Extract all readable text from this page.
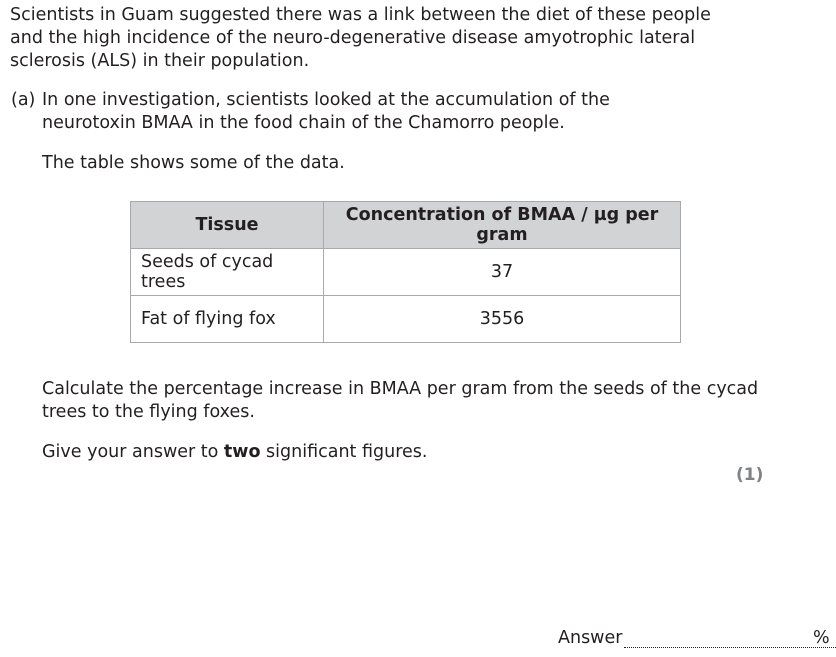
Scientists in Guam suggested there was a link between the diet of these people and the high incidence of the neuro-degenerative disease amyotrophic lateral sclerosis (ALS) in their population.

(a) In one investigation, scientists looked at the accumulation of the neurotoxin BMAA in the food chain of the Chamorro people.

The table shows some of the data.

Tissue	Concentration of BMAA / µg per gram
Seeds of cycad trees	37
Fat of flying fox	3556

Calculate the percentage increase in BMAA per gram from the seeds of the cycad trees to the flying foxes.

Give your answer to two significant figures.

(1)
Answer	%
